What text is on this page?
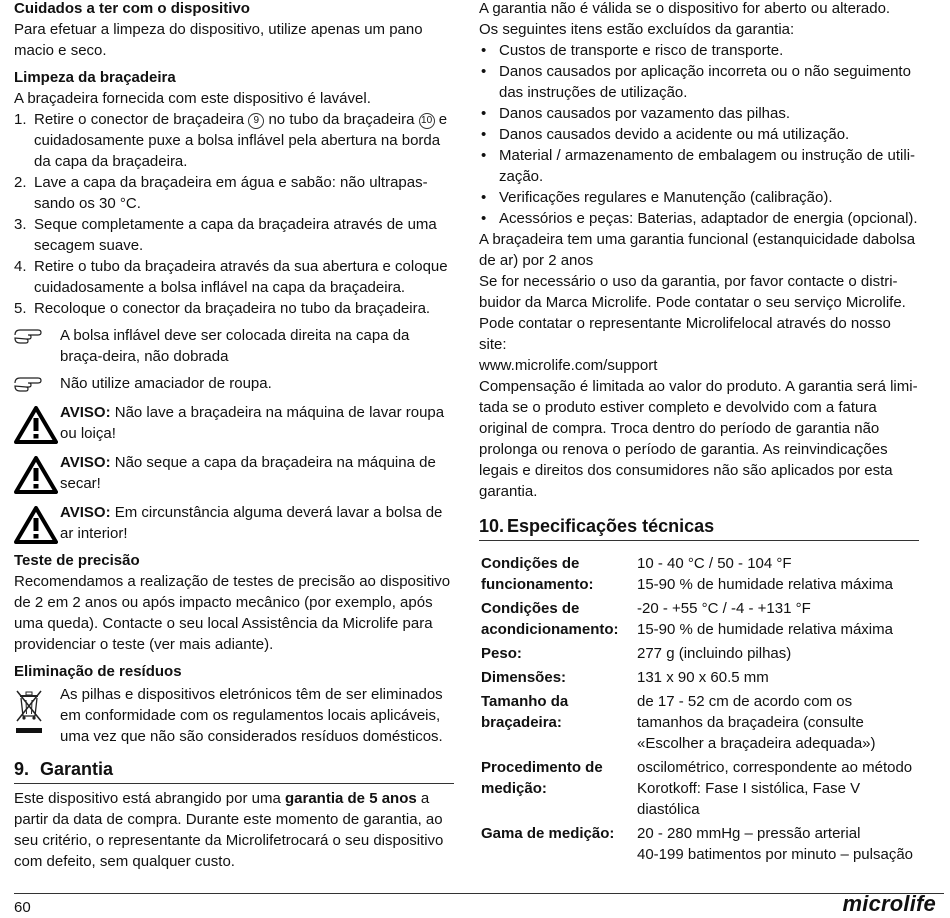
Cuidados a ter com o dispositivo

Para efetuar a limpeza do dispositivo, utilize apenas um pano macio e seco.

Limpeza da braçadeira

A braçadeira fornecida com este dispositivo é lavável.

1. Retire o conector de braçadeira 9 no tubo da braçadeira 10 e cuidadosamente puxe a bolsa inflável pela abertura na borda da capa da braçadeira.
2. Lave a capa da braçadeira em água e sabão: não ultrapas-sando os 30 °C.
3. Seque completamente a capa da braçadeira através de uma secagem suave.
4. Retire o tubo da braçadeira através da sua abertura e coloque cuidadosamente a bolsa inflável na capa da braçadeira.
5. Recoloque o conector da braçadeira no tubo da braçadeira.
A bolsa inflável deve ser colocada direita na capa da braça-deira, não dobrada
Não utilize amaciador de roupa.
AVISO: Não lave a braçadeira na máquina de lavar roupa ou loiça!
AVISO: Não seque a capa da braçadeira na máquina de secar!
AVISO: Em circunstância alguma deverá lavar a bolsa de ar interior!
Teste de precisão

Recomendamos a realização de testes de precisão ao dispositivo de 2 em 2 anos ou após impacto mecânico (por exemplo, após uma queda). Contacte o seu local Assistência da Microlife para providenciar o teste (ver mais adiante).

Eliminação de resíduos
As pilhas e dispositivos eletrónicos têm de ser eliminados em conformidade com os regulamentos locais aplicáveis, uma vez que não são considerados resíduos domésticos.
9. Garantia

Este dispositivo está abrangido por uma garantia de 5 anos a partir da data de compra. Durante este momento de garantia, ao seu critério, o representante da Microlifetrocará o seu dispositivo com defeito, sem qualquer custo.

A garantia não é válida se o dispositivo for aberto ou alterado.

Os seguintes itens estão excluídos da garantia:

• Custos de transporte e risco de transporte.
• Danos causados por aplicação incorreta ou o não seguimento das instruções de utilização.
• Danos causados por vazamento das pilhas.
• Danos causados devido a acidente ou má utilização.
• Material / armazenamento de embalagem ou instrução de utili-zação.
• Verificações regulares e Manutenção (calibração).
• Acessórios e peças: Baterias, adaptador de energia (opcional).

A braçadeira tem uma garantia funcional (estanquicidade dabolsa de ar) por 2 anos

Se for necessário o uso da garantia, por favor contacte o distri-buidor da Marca Microlife. Pode contatar o seu serviço Microlife. Pode contatar o representante Microlifelocal através do nosso site:

www.microlife.com/support

Compensação é limitada ao valor do produto. A garantia será limi-tada se o produto estiver completo e devolvido com a fatura original de compra. Troca dentro do período de garantia não prolonga ou renova o período de garantia. As reinvindicações legais e direitos dos consumidores não são aplicados por esta garantia.

10. Especificações técnicas
Condições de funcionamento:	10 - 40 °C / 50 - 104 °F
15-90 % de humidade relativa máxima

Condições de acondicionamento:	-20 - +55 °C / -4 - +131 °F
15-90 % de humidade relativa máxima

Peso:	277 g (incluindo pilhas)
Dimensões:	131 x 90 x 60.5 mm
Tamanho da braçadeira:	de 17 - 52 cm de acordo com os tamanhos da braçadeira (consulte «Escolher a braçadeira adequada»)
Procedimento de medição:	oscilométrico, correspondente ao método Korotkoff: Fase I sistólica, Fase V diastólica
Gama de medição:	20 - 280 mmHg – pressão arterial
40-199 batimentos por minuto – pulsação
60	microlife
